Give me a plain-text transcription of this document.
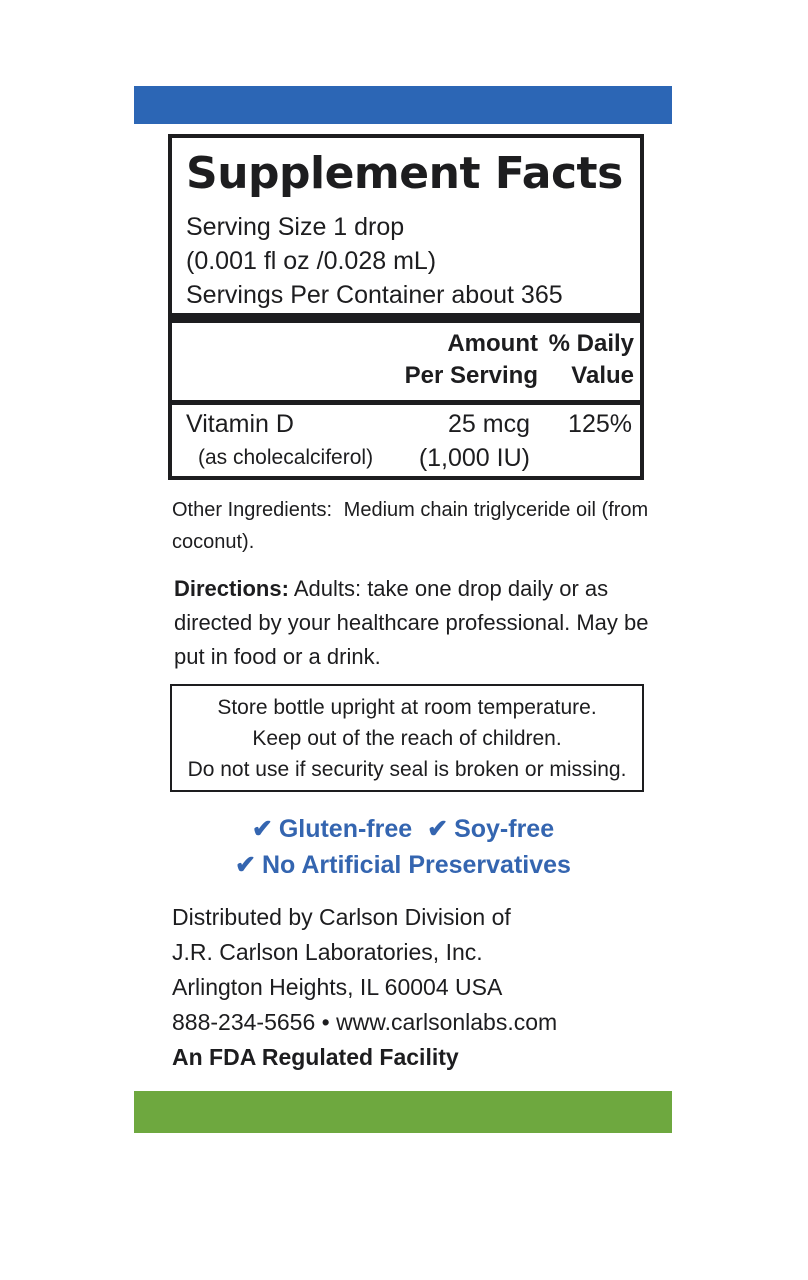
Supplement Facts
Serving Size 1 drop
(0.001 fl oz /0.028 mL)
Servings Per Container about 365
Amount
Per Serving
% Daily
Value
Vitamin D
(as cholecalciferol)
25 mcg
(1,000 IU)
125%
Other Ingredients: Medium chain triglyceride oil (from coconut).
Directions: Adults: take one drop daily or as directed by your healthcare professional. May be put in food or a drink.
Store bottle upright at room temperature.
Keep out of the reach of children.
Do not use if security seal is broken or missing.
✔ Gluten-free ✔ Soy-free
✔ No Artificial Preservatives
Distributed by Carlson Division of
J.R. Carlson Laboratories, Inc.
Arlington Heights, IL 60004 USA
888-234-5656 • www.carlsonlabs.com
An FDA Regulated Facility
